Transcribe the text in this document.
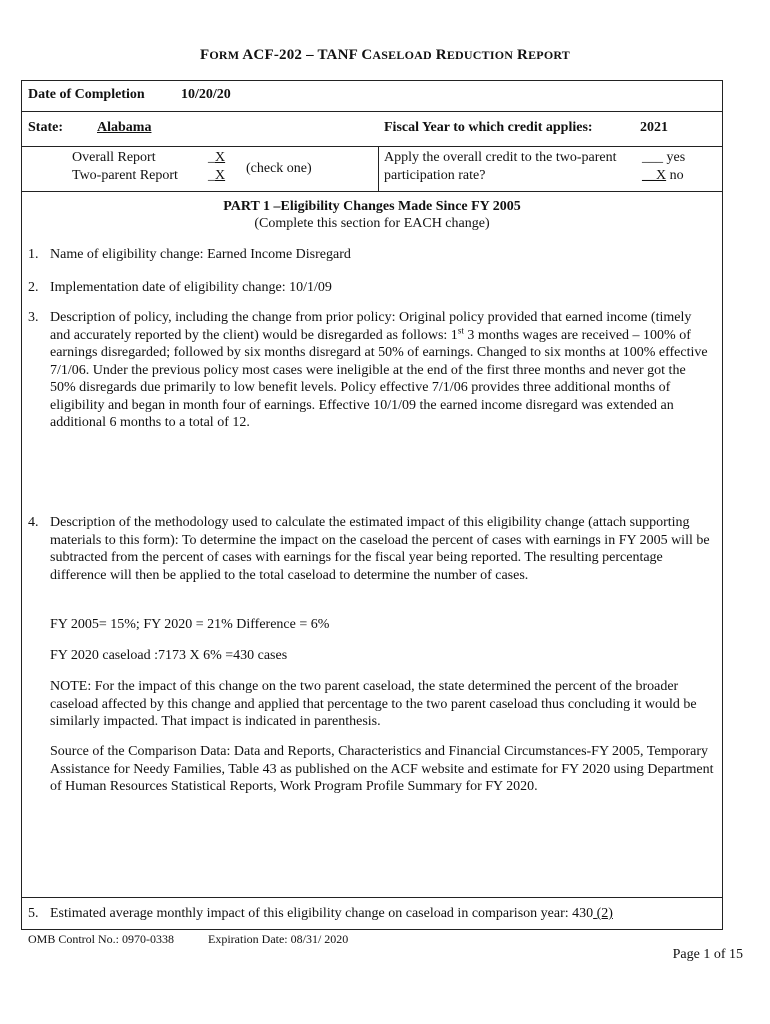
FORM ACF-202 – TANF CASELOAD REDUCTION REPORT
Date of Completion	10/20/20
State: Alabama	Fiscal Year to which credit applies:	2021
Overall Report	_X
Two-parent Report _X (check one)
Apply the overall credit to the two-parent
participation rate?
___ yes
__X no
PART 1 –Eligibility Changes Made Since FY 2005
(Complete this section for EACH change)
1. Name of eligibility change: Earned Income Disregard
2. Implementation date of eligibility change: 10/1/09
3. Description of policy, including the change from prior policy: Original policy provided that earned income (timely and accurately reported by the client) would be disregarded as follows: 1st 3 months wages are received – 100% of earnings disregarded; followed by six months disregard at 50% of earnings. Changed to six months at 100% effective 7/1/06. Under the previous policy most cases were ineligible at the end of the first three months and never got the 50% disregards due primarily to low benefit levels. Policy effective 7/1/06 provides three additional months of eligibility and began in month four of earnings. Effective 10/1/09 the earned income disregard was extended an additional 6 months to a total of 12.
4. Description of the methodology used to calculate the estimated impact of this eligibility change (attach supporting materials to this form): To determine the impact on the caseload the percent of cases with earnings in FY 2005 will be subtracted from the percent of cases with earnings for the fiscal year being reported. The resulting percentage difference will then be applied to the total caseload to determine the number of cases.
FY 2005= 15%; FY 2020 = 21% Difference = 6%
FY 2020 caseload :7173 X 6% =430 cases
NOTE: For the impact of this change on the two parent caseload, the state determined the percent of the broader caseload affected by this change and applied that percentage to the two parent caseload thus concluding it would be similarly impacted. That impact is indicated in parenthesis.
Source of the Comparison Data: Data and Reports, Characteristics and Financial Circumstances-FY 2005, Temporary Assistance for Needy Families, Table 43 as published on the ACF website and estimate for FY 2020 using Department of Human Resources Statistical Reports, Work Program Profile Summary for FY 2020.
5. Estimated average monthly impact of this eligibility change on caseload in comparison year: 430 (2)
OMB Control No.: 0970-0338	Expiration Date: 08/31/ 2020
Page 1 of 15
